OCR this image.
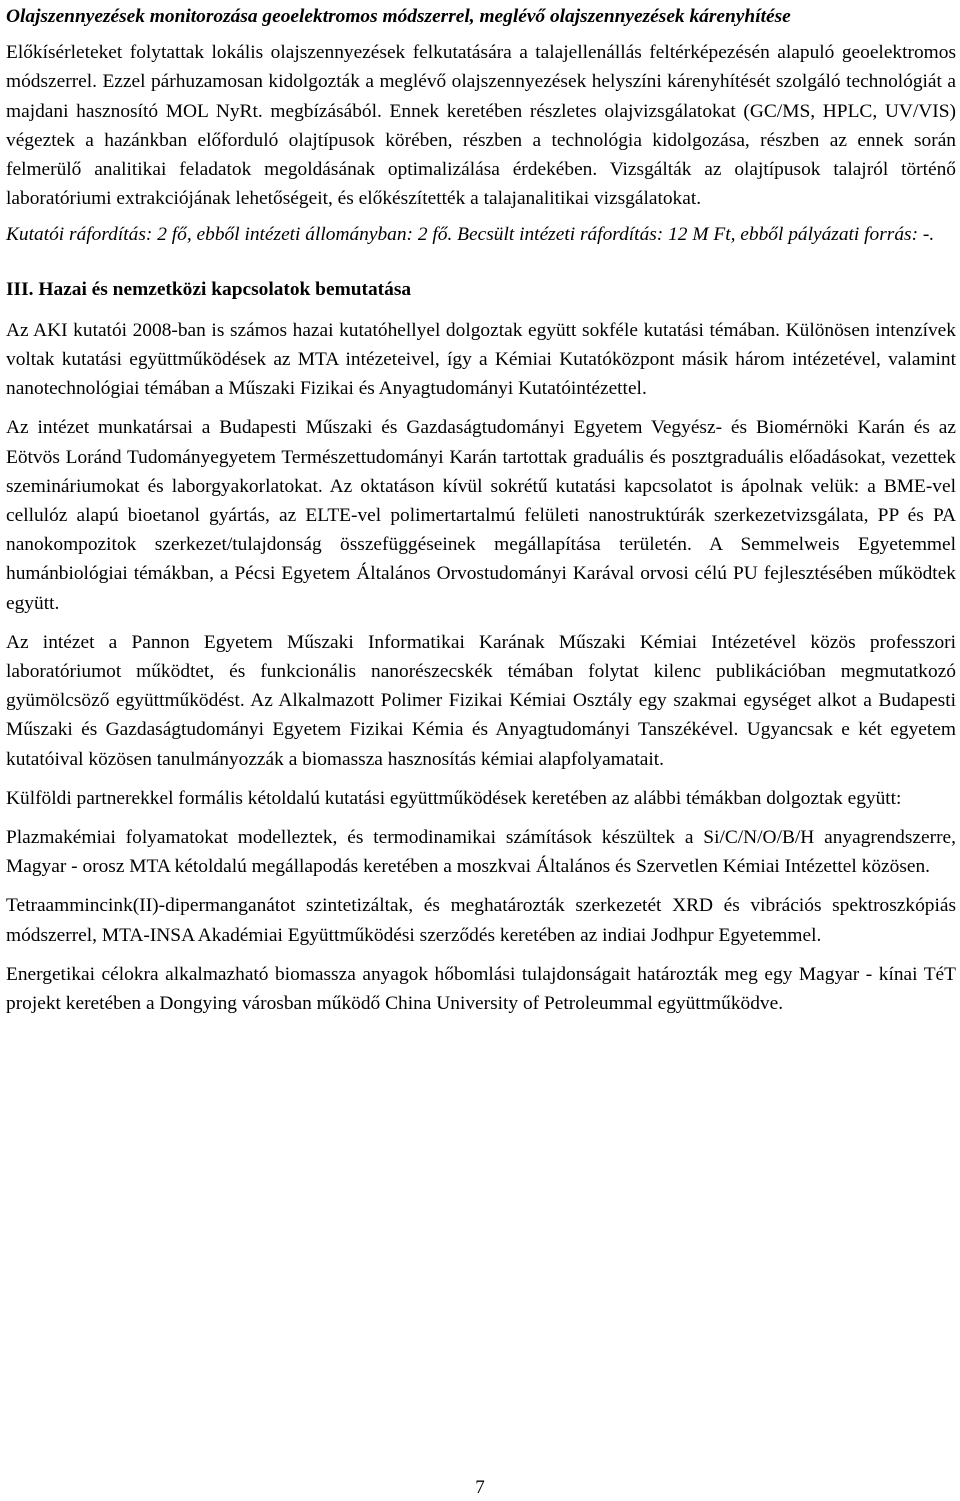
Olajszennyezések monitorozása geoelektromos módszerrel, meglévő olajszennyezések kárenyhítése

Előkísérleteket folytattak lokális olajszennyezések felkutatására a talajellenállás feltérképezésén alapuló geoelektromos módszerrel. Ezzel párhuzamosan kidolgozták a meglévő olajszennyezések helyszíni kárenyhítését szolgáló technológiát a majdani hasznosító MOL NyRt. megbízásából. Ennek keretében részletes olajvizsgálatokat (GC/MS, HPLC, UV/VIS) végeztek a hazánkban előforduló olajtípusok körében, részben a technológia kidolgozása, részben az ennek során felmerülő analitikai feladatok megoldásának optimalizálása érdekében. Vizsgálták az olajtípusok talajról történő laboratóriumi extrakciójának lehetőségeit, és előkészítették a talajanalitikai vizsgálatokat.

Kutatói ráfordítás: 2 fő, ebből intézeti állományban: 2 fő. Becsült intézeti ráfordítás: 12 M Ft, ebből pályázati forrás: -.

III. Hazai és nemzetközi kapcsolatok bemutatása

Az AKI kutatói 2008-ban is számos hazai kutatóhellyel dolgoztak együtt sokféle kutatási témában. Különösen intenzívek voltak kutatási együttműködések az MTA intézeteivel, így a Kémiai Kutatóközpont másik három intézetével, valamint nanotechnológiai témában a Műszaki Fizikai és Anyagtudományi Kutatóintézettel.

Az intézet munkatársai a Budapesti Műszaki és Gazdaságtudományi Egyetem Vegyész- és Biomérnöki Karán és az Eötvös Loránd Tudományegyetem Természettudományi Karán tartottak graduális és posztgraduális előadásokat, vezettek szemináriumokat és laborgyakorlatokat. Az oktatáson kívül sokrétű kutatási kapcsolatot is ápolnak velük: a BME-vel cellulóz alapú bioetanol gyártás, az ELTE-vel polimertartalmú felületi nanostruktúrák szerkezetvizsgálata, PP és PA nanokompozitok szerkezet/tulajdonság összefüggéseinek megállapítása területén. A Semmelweis Egyetemmel humánbiológiai témákban, a Pécsi Egyetem Általános Orvostudományi Karával orvosi célú PU fejlesztésében működtek együtt.

Az intézet a Pannon Egyetem Műszaki Informatikai Karának Műszaki Kémiai Intézetével közös professzori laboratóriumot működtet, és funkcionális nanorészecskék témában folytat kilenc publikációban megmutatkozó gyümölcsöző együttműködést. Az Alkalmazott Polimer Fizikai Kémiai Osztály egy szakmai egységet alkot a Budapesti Műszaki és Gazdaságtudományi Egyetem Fizikai Kémia és Anyagtudományi Tanszékével. Ugyancsak e két egyetem kutatóival közösen tanulmányozzák a biomassza hasznosítás kémiai alapfolyamatait.

Külföldi partnerekkel formális kétoldalú kutatási együttműködések keretében az alábbi témákban dolgoztak együtt:

Plazmakémiai folyamatokat modelleztek, és termodinamikai számítások készültek a Si/C/N/O/B/H anyagrendszerre, Magyar - orosz MTA kétoldalú megállapodás keretében a moszkvai Általános és Szervetlen Kémiai Intézettel közösen.

Tetraammincink(II)-dipermanganátot szintetizáltak, és meghatározták szerkezetét XRD és vibrációs spektroszkópiás módszerrel, MTA-INSA Akadémiai Együttműködési szerződés keretében az indiai Jodhpur Egyetemmel.

Energetikai célokra alkalmazható biomassza anyagok hőbomlási tulajdonságait határozták meg egy Magyar - kínai TéT projekt keretében a Dongying városban működő China University of Petroleummal együttműködve.

7
